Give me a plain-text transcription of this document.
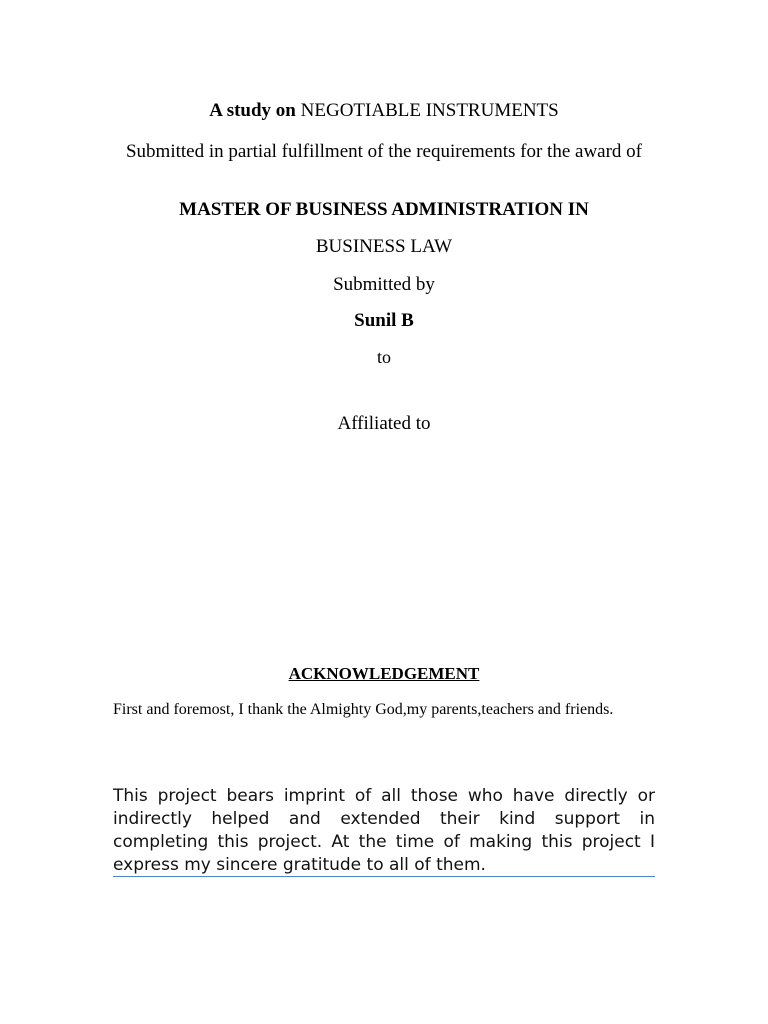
A study on NEGOTIABLE INSTRUMENTS
Submitted in partial fulfillment of the requirements for the award of
MASTER OF BUSINESS ADMINISTRATION IN
BUSINESS LAW
Submitted by
Sunil B
to
Affiliated to
ACKNOWLEDGEMENT
First and foremost, I thank the Almighty God,my parents,teachers and friends.
This project bears imprint of all those who have directly or indirectly helped and extended their kind support in completing this project. At the time of making this project I express my sincere gratitude to all of them.
